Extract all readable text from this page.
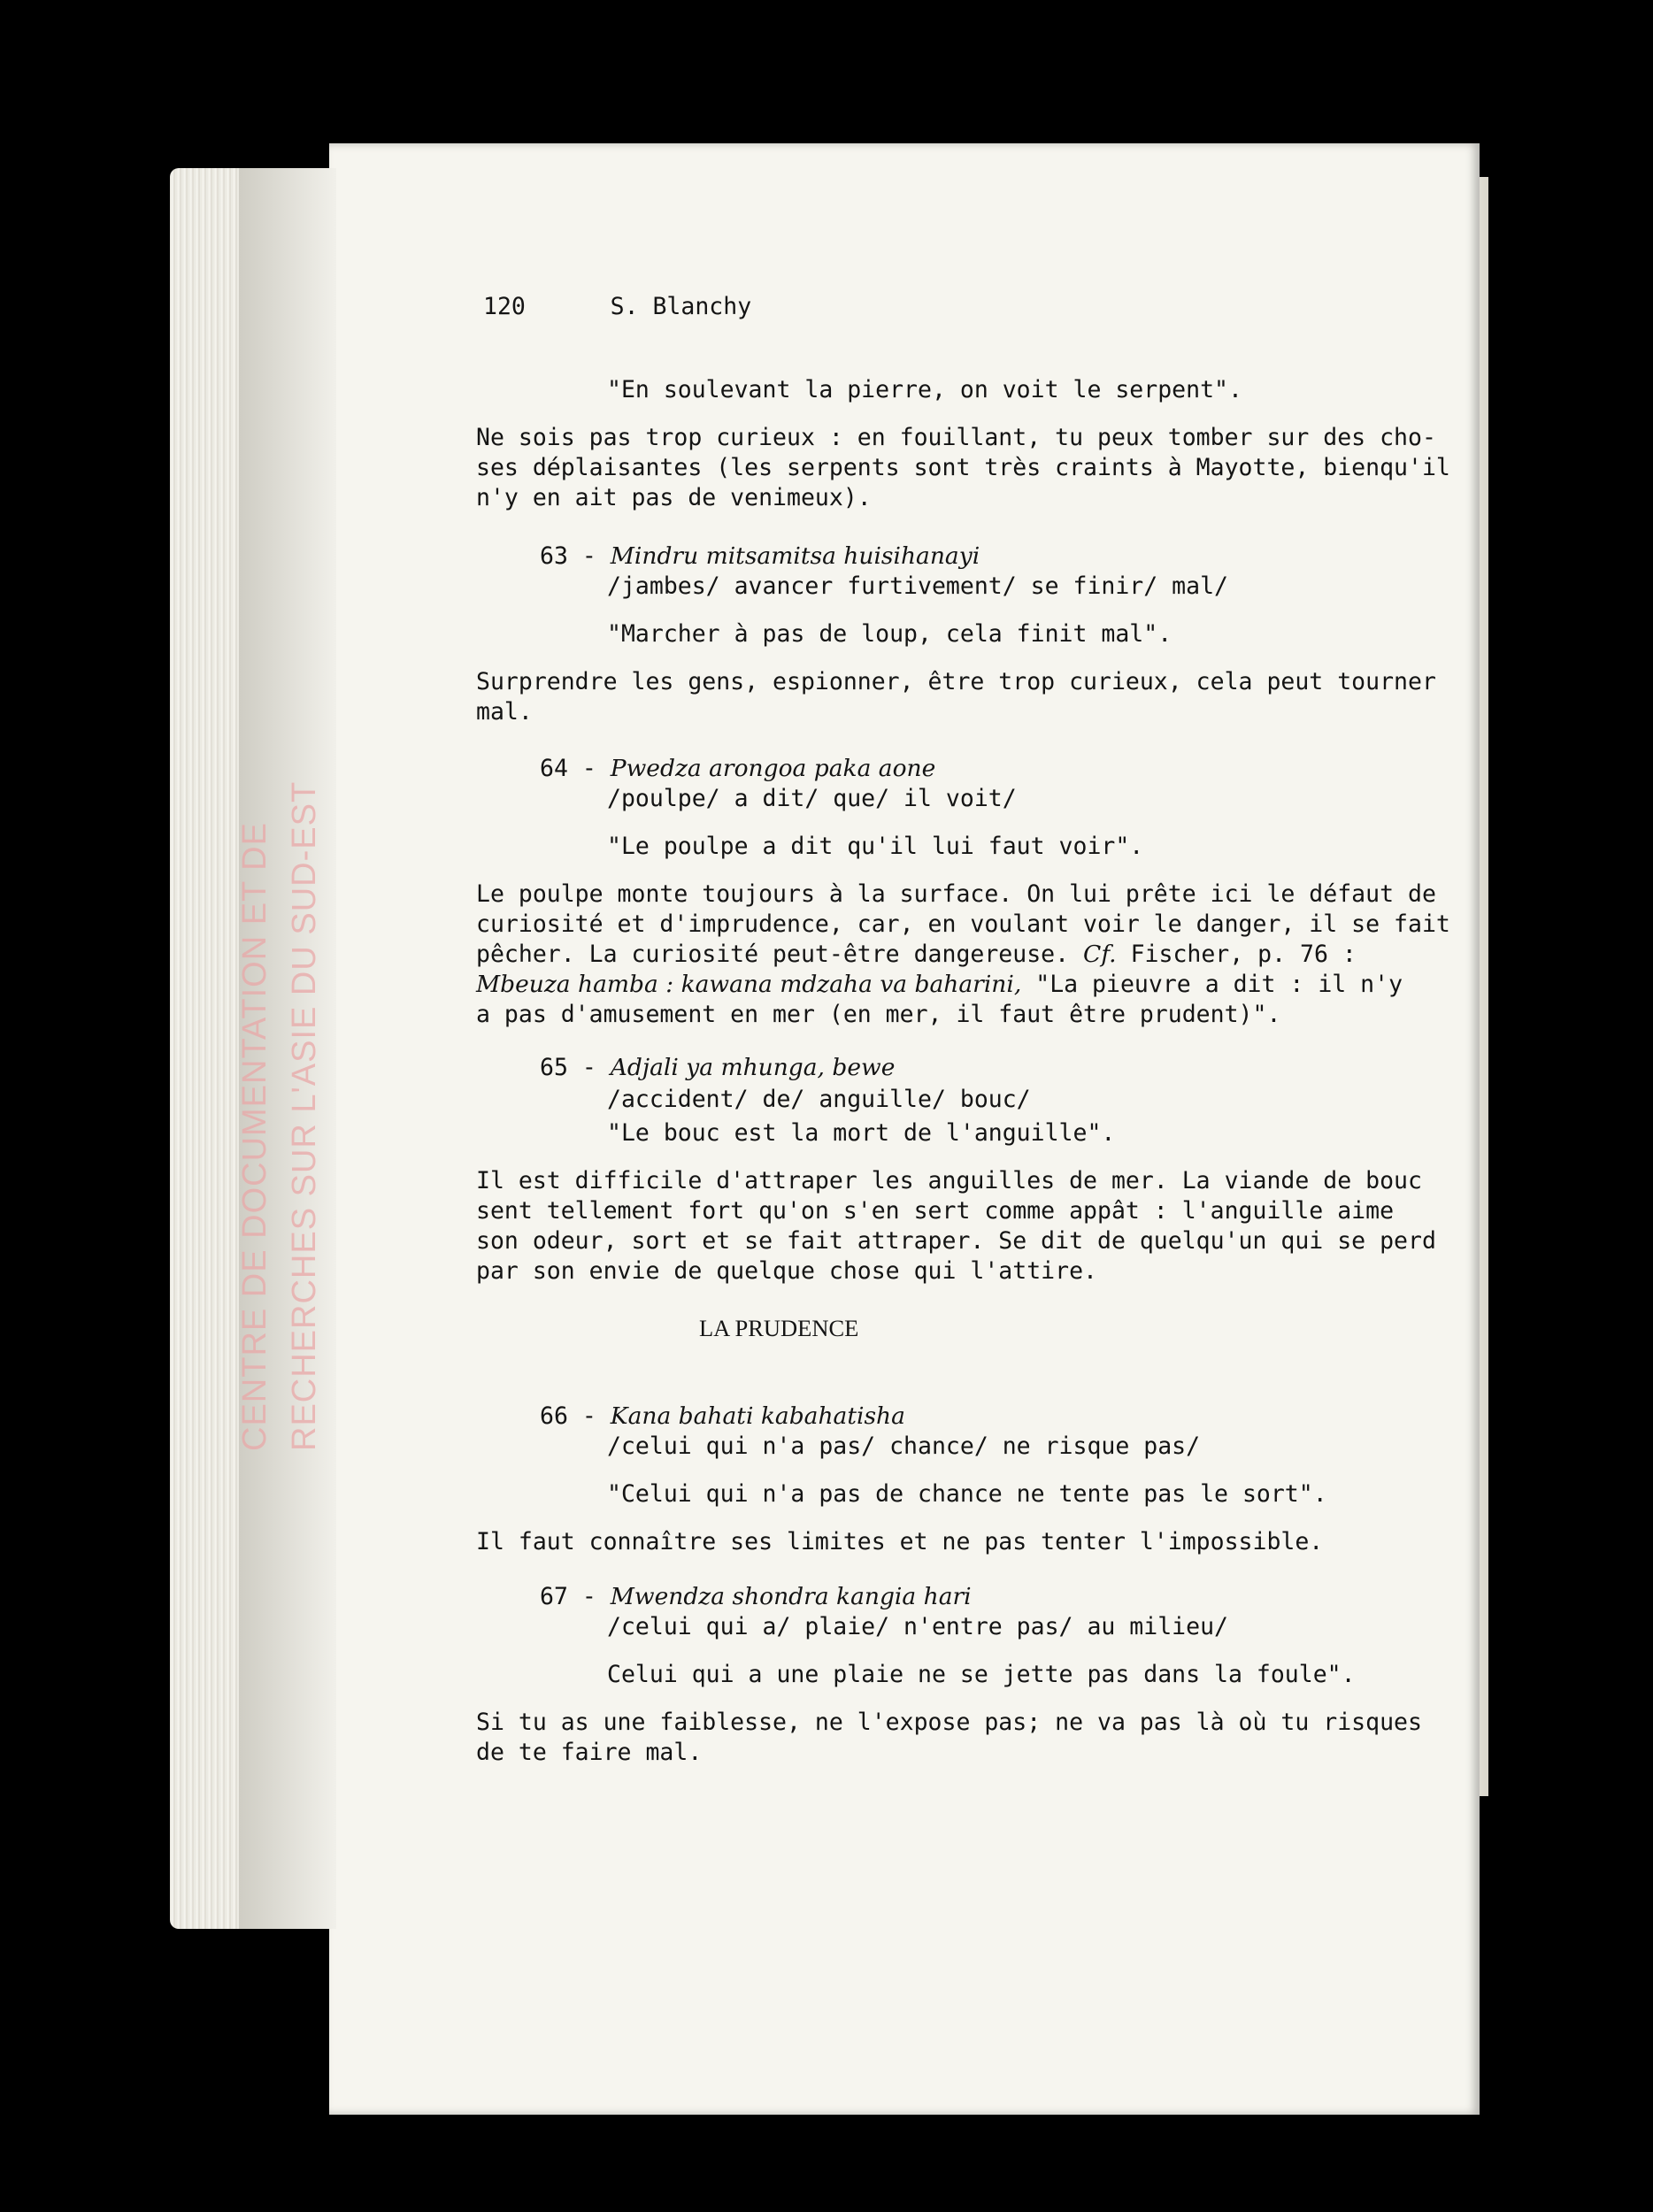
CENTRE DE DOCUMENTATION ET DE RECHERCHES SUR L'ASIE DU SUD-EST

120	S. Blanchy

"En soulevant la pierre, on voit le serpent".

Ne sois pas trop curieux : en fouillant, tu peux tomber sur des cho-

ses déplaisantes (les serpents sont très craints à Mayotte, bienqu'il

n'y en ait pas de venimeux).

63 - Mindru mitsamitsa huisihanayi

/jambes/ avancer furtivement/ se finir/ mal/

"Marcher à pas de loup, cela finit mal".

Surprendre les gens, espionner, être trop curieux, cela peut tourner

mal.

64 - Pwedza arongoa paka aone

/poulpe/ a dit/ que/ il voit/

"Le poulpe a dit qu'il lui faut voir".

Le poulpe monte toujours à la surface. On lui prête ici le défaut de

curiosité et d'imprudence, car, en voulant voir le danger, il se fait

pêcher. La curiosité peut-être dangereuse. Cf. Fischer, p. 76 :

Mbeuza hamba : kawana mdzaha va baharini, "La pieuvre a dit : il n'y

a pas d'amusement en mer (en mer, il faut être prudent)".

65 - Adjali ya mhunga, bewe

/accident/ de/ anguille/ bouc/

"Le bouc est la mort de l'anguille".

Il est difficile d'attraper les anguilles de mer. La viande de bouc

sent tellement fort qu'on s'en sert comme appât : l'anguille aime

son odeur, sort et se fait attraper. Se dit de quelqu'un qui se perd

par son envie de quelque chose qui l'attire.

LA PRUDENCE

66 - Kana bahati kabahatisha

/celui qui n'a pas/ chance/ ne risque pas/

"Celui qui n'a pas de chance ne tente pas le sort".

Il faut connaître ses limites et ne pas tenter l'impossible.

67 - Mwendza shondra kangia hari

/celui qui a/ plaie/ n'entre pas/ au milieu/

Celui qui a une plaie ne se jette pas dans la foule".

Si tu as une faiblesse, ne l'expose pas; ne va pas là où tu risques

de te faire mal.
